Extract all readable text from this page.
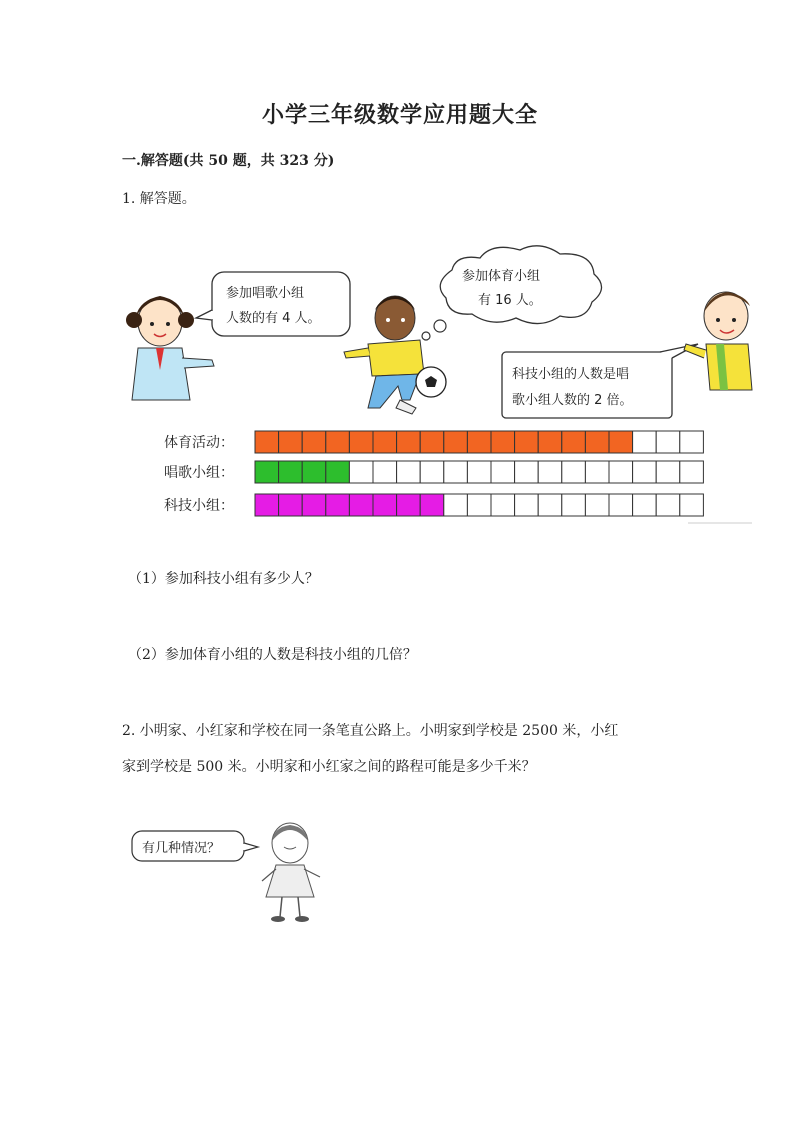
小学三年级数学应用题大全
一.解答题(共 50 题，共 323 分)
1. 解答题。
参加唱歌小组
人数的有 4 人。
参加体育小组
有 16 人。
科技小组的人数是唱
歌小组人数的 2 倍。
体育活动：
唱歌小组：
科技小组：
（1）参加科技小组有多少人？
（2）参加体育小组的人数是科技小组的几倍？
2. 小明家、小红家和学校在同一条笔直公路上。小明家到学校是 2500 米，小红
家到学校是 500 米。小明家和小红家之间的路程可能是多少千米？
有几种情况？
